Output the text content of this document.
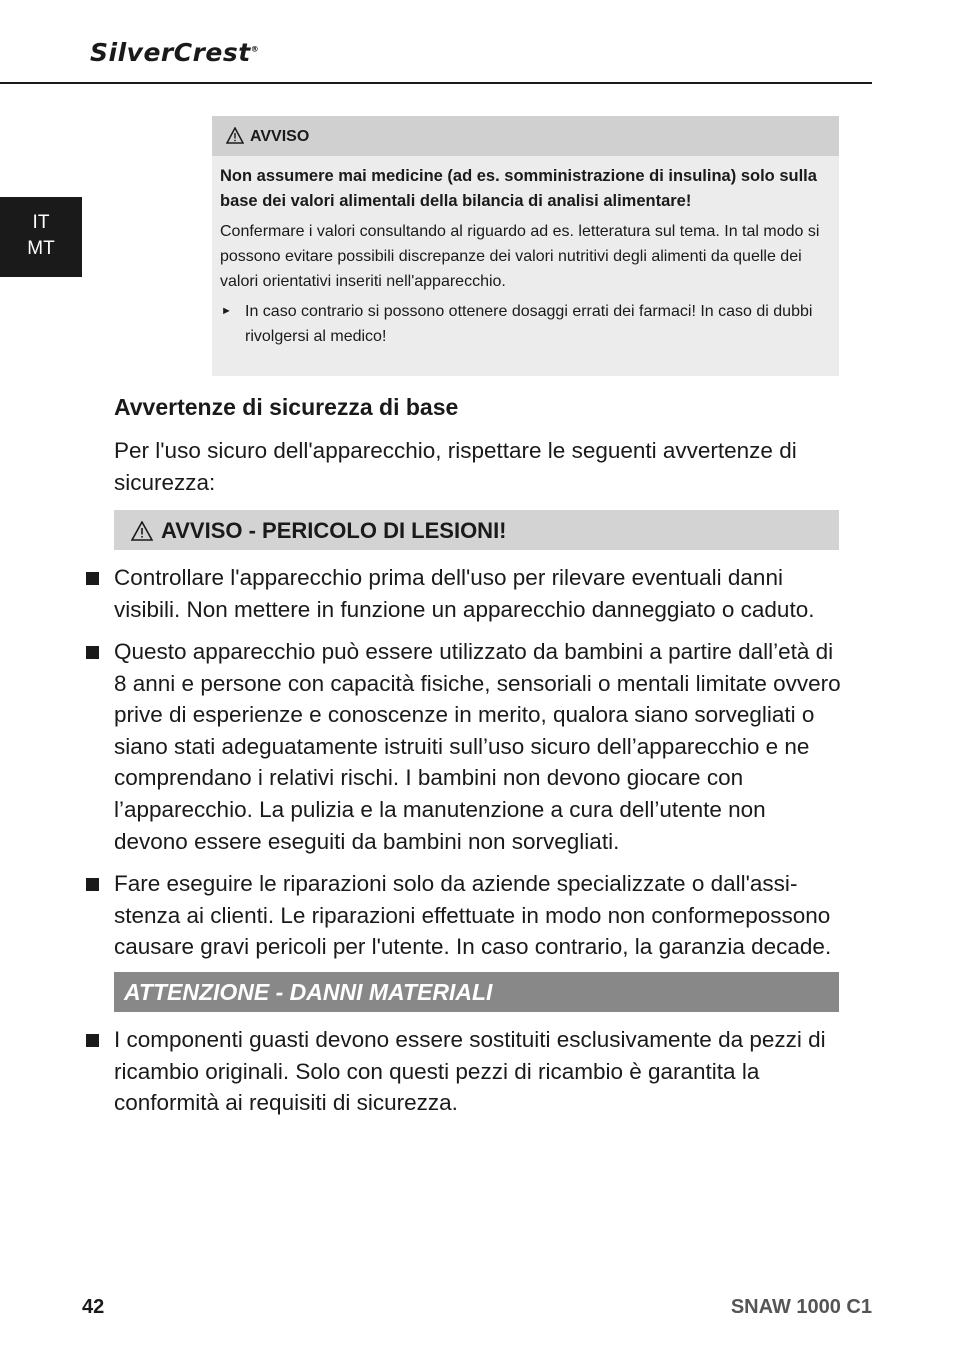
SilverCrest®
IT
MT
AVVISO
Non assumere mai medicine (ad es. somministrazione di insulina) solo sulla base dei valori alimentali della bilancia di analisi alimentare!
Confermare i valori consultando al riguardo ad es. letteratura sul tema. In tal modo si possono evitare possibili discrepanze dei valori nutritivi degli alimenti da quelle dei valori orientativi inseriti nell'apparecchio.
► In caso contrario si possono ottenere dosaggi errati dei farmaci! In caso di dubbi rivolgersi al medico!
Avvertenze di sicurezza di base
Per l'uso sicuro dell'apparecchio, rispettare le seguenti avvertenze di sicurezza:
AVVISO - PERICOLO DI LESIONI!
Controllare l'apparecchio prima dell'uso per rilevare eventuali danni visibili. Non mettere in funzione un apparecchio danneggiato o caduto.
Questo apparecchio può essere utilizzato da bambini a partire dall’età di 8 anni e persone con capacità fisiche, sensoriali o mentali limitate ovvero prive di esperienze e conoscenze in merito, qualora siano sorvegliati o siano stati adeguatamente istruiti sull’uso sicuro dell’apparecchio e ne comprendano i relativi rischi. I bambini non devono giocare con l’apparecchio. La pulizia e la manutenzione a cura dell’utente non devono essere eseguiti da bambini non sorvegliati.
Fare eseguire le riparazioni solo da aziende specializzate o dall'assistenza ai clienti. Le riparazioni effettuate in modo non conformepossono causare gravi pericoli per l'utente. In caso contrario, la garanzia decade.
ATTENZIONE - DANNI MATERIALI
I componenti guasti devono essere sostituiti esclusivamente da pezzi di ricambio originali. Solo con questi pezzi di ricambio è garantita la conformità ai requisiti di sicurezza.
42	SNAW 1000 C1
